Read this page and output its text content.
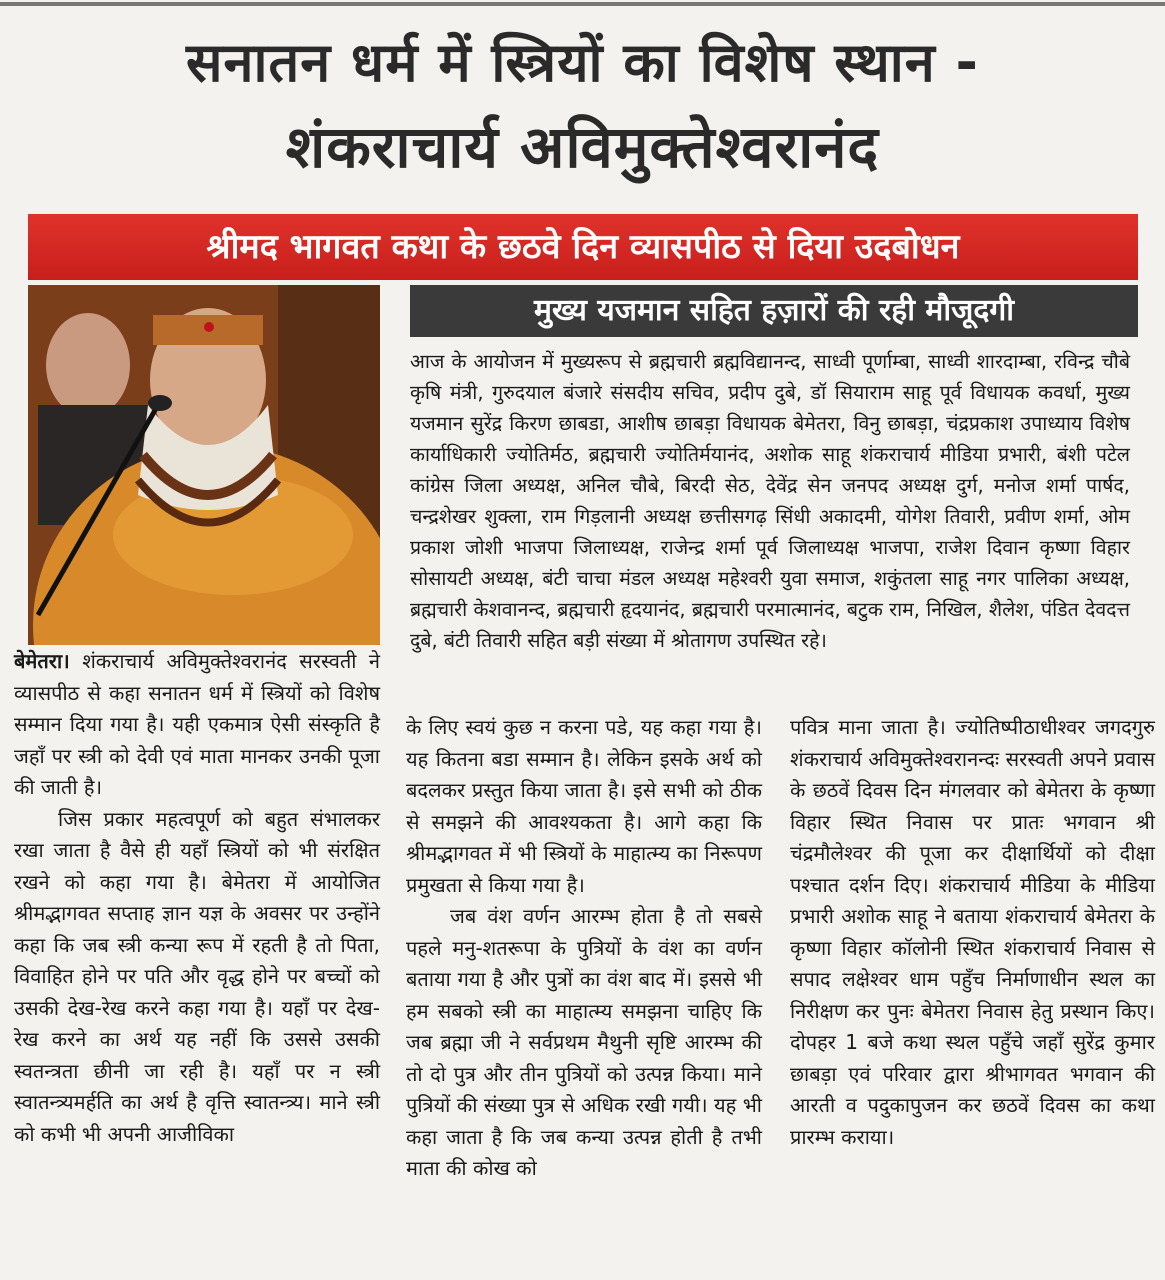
सनातन धर्म में स्त्रियों का विशेष स्थान -
शंकराचार्य अविमुक्तेश्वरानंद
श्रीमद भागवत कथा के छठवे दिन व्यासपीठ से दिया उदबोधन
मुख्य यजमान सहित हज़ारों की रही मौजूदगी

आज के आयोजन में मुख्यरूप से ब्रह्मचारी ब्रह्मविद्यानन्द, साध्वी पूर्णाम्बा, साध्वी शारदाम्बा, रविन्द्र चौबे कृषि मंत्री, गुरुदयाल बंजारे संसदीय सचिव, प्रदीप दुबे, डॉ सियाराम साहू पूर्व विधायक कवर्धा, मुख्य यजमान सुरेंद्र किरण छाबडा, आशीष छाबड़ा विधायक बेमेतरा, विनु छाबड़ा, चंद्रप्रकाश उपाध्याय विशेष कार्याधिकारी ज्योतिर्मठ, ब्रह्मचारी ज्योतिर्मयानंद, अशोक साहू शंकराचार्य मीडिया प्रभारी, बंशी पटेल कांग्रेस जिला अध्यक्ष, अनिल चौबे, बिरदी सेठ, देवेंद्र सेन जनपद अध्यक्ष दुर्ग, मनोज शर्मा पार्षद, चन्द्रशेखर शुक्ला, राम गिड़लानी अध्यक्ष छत्तीसगढ़ सिंधी अकादमी, योगेश तिवारी, प्रवीण शर्मा, ओम प्रकाश जोशी भाजपा जिलाध्यक्ष, राजेन्द्र शर्मा पूर्व जिलाध्यक्ष भाजपा, राजेश दिवान कृष्णा विहार सोसायटी अध्यक्ष, बंटी चाचा मंडल अध्यक्ष महेश्वरी युवा समाज, शकुंतला साहू नगर पालिका अध्यक्ष, ब्रह्मचारी केशवानन्द, ब्रह्मचारी हृदयानंद, ब्रह्मचारी परमात्मानंद, बटुक राम, निखिल, शैलेश, पंडित देवदत्त दुबे, बंटी तिवारी सहित बड़ी संख्या में श्रोतागण उपस्थित रहे।

बेमेतरा। शंकराचार्य अविमुक्तेश्वरानंद सरस्वती ने व्यासपीठ से कहा सनातन धर्म में स्त्रियों को विशेष सम्मान दिया गया है। यही एकमात्र ऐसी संस्कृति है जहाँ पर स्त्री को देवी एवं माता मानकर उनकी पूजा की जाती है।
जिस प्रकार महत्वपूर्ण को बहुत संभालकर रखा जाता है वैसे ही यहाँ स्त्रियों को भी संरक्षित रखने को कहा गया है। बेमेतरा में आयोजित श्रीमद्भागवत सप्ताह ज्ञान यज्ञ के अवसर पर उन्होंने कहा कि जब स्त्री कन्या रूप में रहती है तो पिता, विवाहित होने पर पति और वृद्ध होने पर बच्चों को उसकी देख-रेख करने कहा गया है। यहाँ पर देख-रेख करने का अर्थ यह नहीं कि उससे उसकी स्वतन्त्रता छीनी जा रही है। यहाँ पर न स्त्री स्वातन्त्र्यमर्हति का अर्थ है वृत्ति स्वातन्त्र्य। माने स्त्री को कभी भी अपनी आजीविका
के लिए स्वयं कुछ न करना पडे, यह कहा गया है। यह कितना बडा सम्मान है। लेकिन इसके अर्थ को बदलकर प्रस्तुत किया जाता है। इसे सभी को ठीक से समझने की आवश्यकता है। आगे कहा कि श्रीमद्भागवत में भी स्त्रियों के माहात्म्य का निरूपण प्रमुखता से किया गया है।
जब वंश वर्णन आरम्भ होता है तो सबसे पहले मनु-शतरूपा के पुत्रियों के वंश का वर्णन बताया गया है और पुत्रों का वंश बाद में। इससे भी हम सबको स्त्री का माहात्म्य समझना चाहिए कि जब ब्रह्मा जी ने सर्वप्रथम मैथुनी सृष्टि आरम्भ की तो दो पुत्र और तीन पुत्रियों को उत्पन्न किया। माने पुत्रियों की संख्या पुत्र से अधिक रखी गयी। यह भी कहा जाता है कि जब कन्या उत्पन्न होती है तभी माता की कोख को
पवित्र माना जाता है। ज्योतिष्पीठाधीश्वर जगदगुरु शंकराचार्य अविमुक्तेश्वरानन्दः सरस्वती अपने प्रवास के छठवें दिवस दिन मंगलवार को बेमेतरा के कृष्णा विहार स्थित निवास पर प्रातः भगवान श्री चंद्रमौलेश्वर की पूजा कर दीक्षार्थियों को दीक्षा पश्चात दर्शन दिए। शंकराचार्य मीडिया के मीडिया प्रभारी अशोक साहू ने बताया शंकराचार्य बेमेतरा के कृष्णा विहार कॉलोनी स्थित शंकराचार्य निवास से सपाद लक्षेश्वर धाम पहुँच निर्माणाधीन स्थल का निरीक्षण कर पुनः बेमेतरा निवास हेतु प्रस्थान किए। दोपहर 1 बजे कथा स्थल पहुँचे जहाँ सुरेंद्र कुमार छाबड़ा एवं परिवार द्वारा श्रीभागवत भगवान की आरती व पदुकापुजन कर छठवें दिवस का कथा प्रारम्भ कराया।
